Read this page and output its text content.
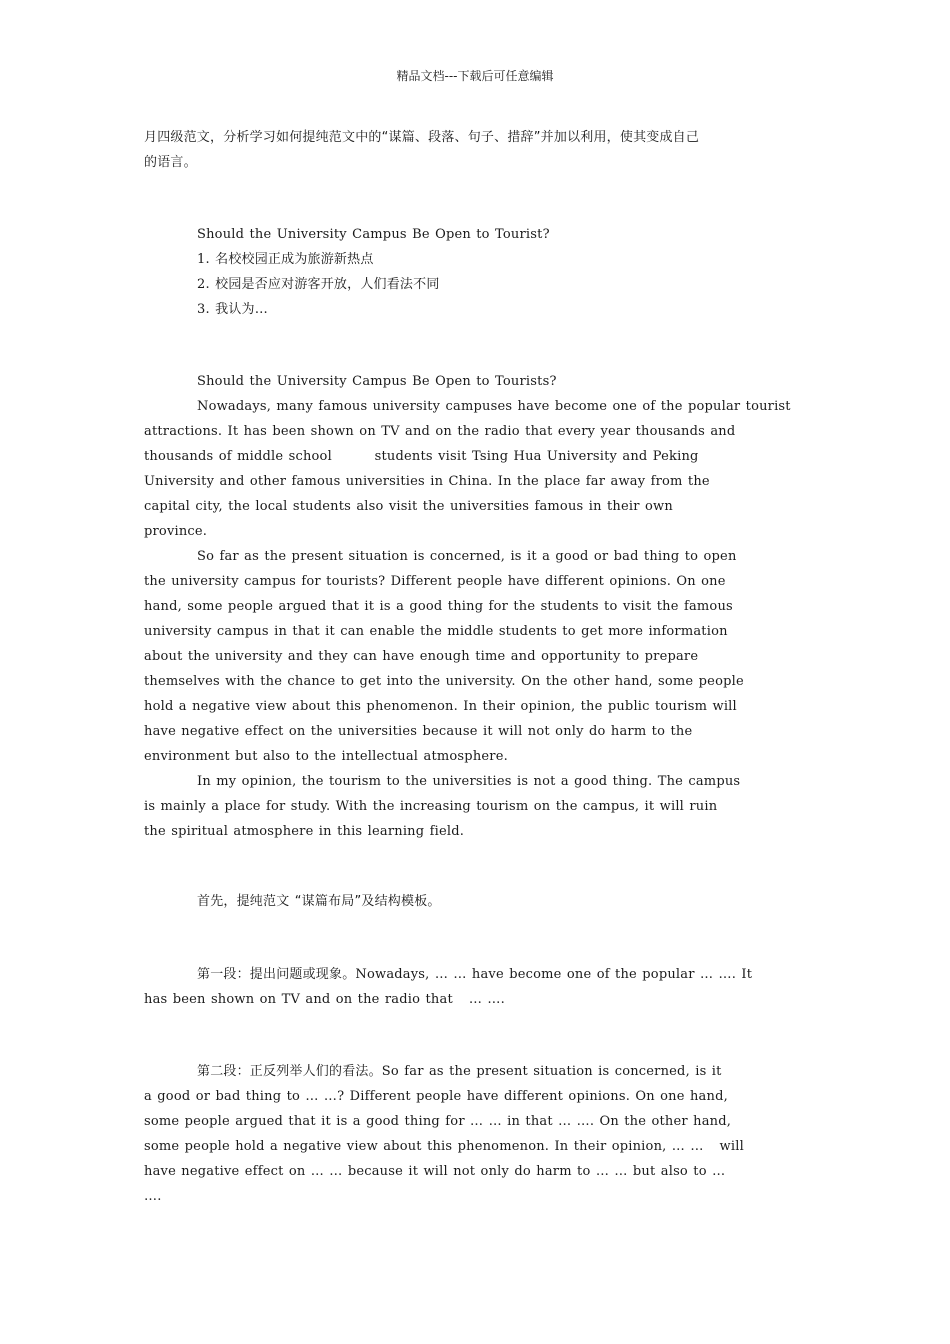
精品文档---下载后可任意编辑
月四级范文，分析学习如何提纯范文中的“谋篇、段落、句子、措辞”并加以利用，使其变成自己
的语言。
Should the University Campus Be Open to Tourist?
1. 名校校园正成为旅游新热点
2. 校园是否应对游客开放，人们看法不同
3. 我认为…
Should the University Campus Be Open to Tourists?
Nowadays, many famous university campuses have become one of the popular tourist
attractions. It has been shown on TV and on the radio that every year thousands and
thousands of middle school        students visit Tsing Hua University and Peking
University and other famous universities in China. In the place far away from the
capital city, the local students also visit the universities famous in their own
province.
So far as the present situation is concerned, is it a good or bad thing to open
the university campus for tourists? Different people have different opinions. On one
hand, some people argued that it is a good thing for the students to visit the famous
university campus in that it can enable the middle students to get more information
about the university and they can have enough time and opportunity to prepare
themselves with the chance to get into the university. On the other hand, some people
hold a negative view about this phenomenon. In their opinion, the public tourism will
have negative effect on the universities because it will not only do harm to the
environment but also to the intellectual atmosphere.
In my opinion, the tourism to the universities is not a good thing. The campus
is mainly a place for study. With the increasing tourism on the campus, it will ruin
the spiritual atmosphere in this learning field.
首先，提纯范文 “谋篇布局”及结构模板。
第一段：提出问题或现象。Nowadays, … … have become one of the popular … …. It
has been shown on TV and on the radio that   … ….
第二段：正反列举人们的看法。So far as the present situation is concerned, is it
a good or bad thing to … …? Different people have different opinions. On one hand,
some people argued that it is a good thing for … … in that … …. On the other hand,
some people hold a negative view about this phenomenon. In their opinion, … …   will
have negative effect on … … because it will not only do harm to … … but also to …
….
